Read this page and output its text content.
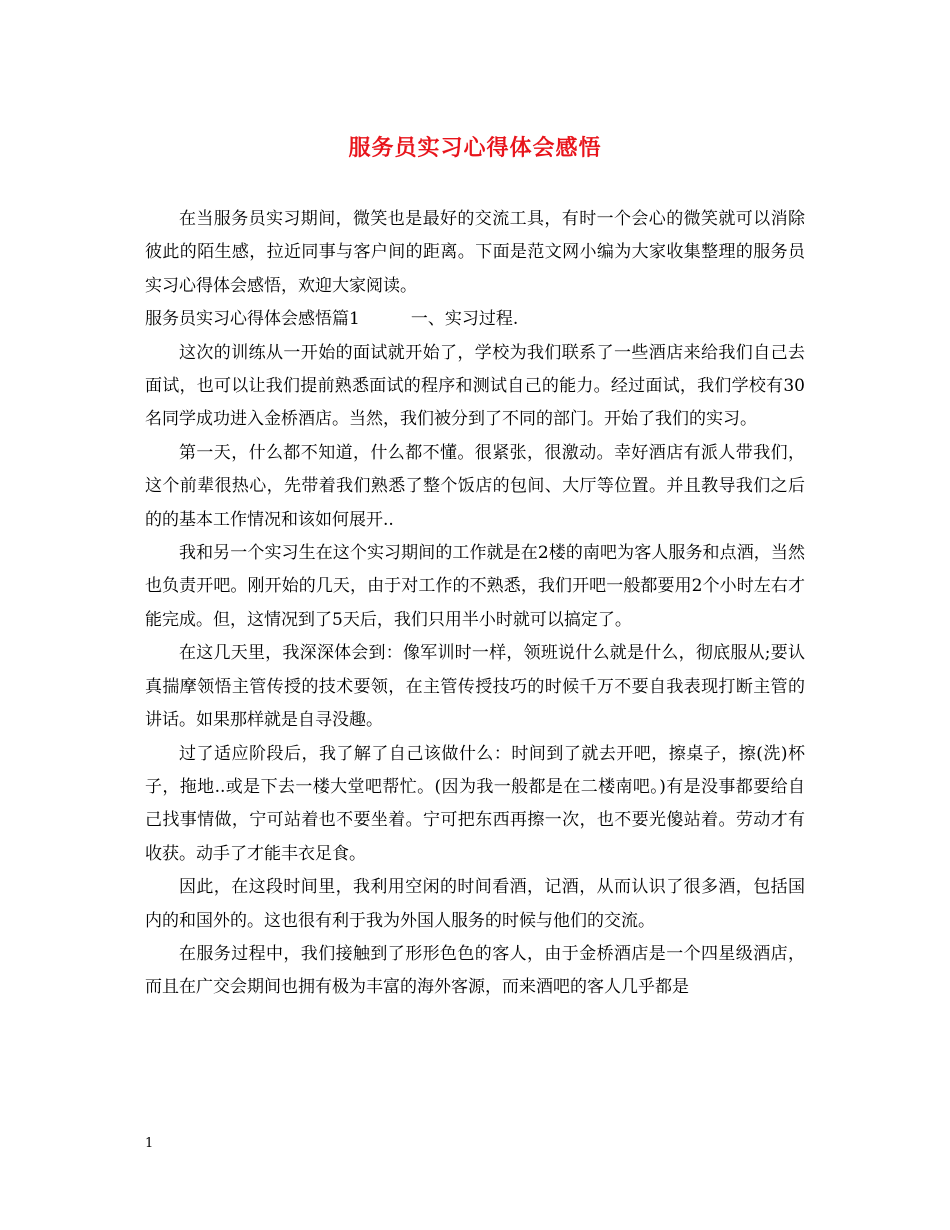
服务员实习心得体会感悟

在当服务员实习期间，微笑也是最好的交流工具，有时一个会心的微笑就可以消除彼此的陌生感，拉近同事与客户间的距离。下面是范文网小编为大家收集整理的服务员实习心得体会感悟，欢迎大家阅读。

服务员实习心得体会感悟篇1　　　一、实习过程.

这次的训练从一开始的面试就开始了，学校为我们联系了一些酒店来给我们自己去面试，也可以让我们提前熟悉面试的程序和测试自己的能力。经过面试，我们学校有30名同学成功进入金桥酒店。当然，我们被分到了不同的部门。开始了我们的实习。

第一天，什么都不知道，什么都不懂。很紧张，很激动。幸好酒店有派人带我们，这个前辈很热心，先带着我们熟悉了整个饭店的包间、大厅等位置。并且教导我们之后的的基本工作情况和该如何展开..

我和另一个实习生在这个实习期间的工作就是在2楼的南吧为客人服务和点酒，当然也负责开吧。刚开始的几天，由于对工作的不熟悉，我们开吧一般都要用2个小时左右才能完成。但，这情况到了5天后，我们只用半小时就可以搞定了。

在这几天里，我深深体会到：像军训时一样，领班说什么就是什么，彻底服从;要认真揣摩领悟主管传授的技术要领，在主管传授技巧的时候千万不要自我表现打断主管的讲话。如果那样就是自寻没趣。

过了适应阶段后，我了解了自己该做什么：时间到了就去开吧，擦桌子，擦(洗)杯子，拖地..或是下去一楼大堂吧帮忙。(因为我一般都是在二楼南吧。)有是没事都要给自己找事情做，宁可站着也不要坐着。宁可把东西再擦一次，也不要光傻站着。劳动才有收获。动手了才能丰衣足食。

因此，在这段时间里，我利用空闲的时间看酒，记酒，从而认识了很多酒，包括国内的和国外的。这也很有利于我为外国人服务的时候与他们的交流。

在服务过程中，我们接触到了形形色色的客人，由于金桥酒店是一个四星级酒店，而且在广交会期间也拥有极为丰富的海外客源，而来酒吧的客人几乎都是

1
